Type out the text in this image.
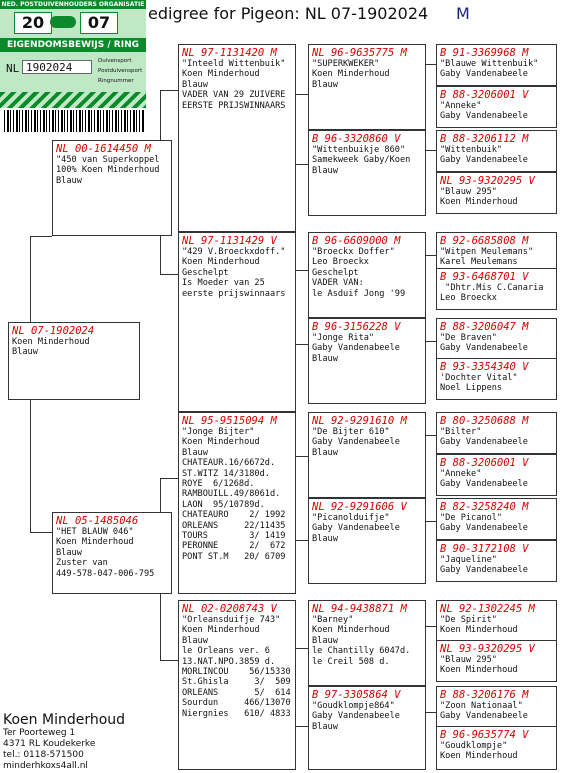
NED. POSTDUIVENHOUDERS ORGANISATIE
20	07
EIGENDOMSBEWIJS / RING
NL 1902024	Duivensport
Postduivensport
Ringnummer
edigree for Pigeon: NL 07-1902024 M
NL 07-1902024
Koen Minderhoud
Blauw
NL 00-1614450 M
"450 van Superkoppel
100% Koen Minderhoud
Blauw
NL 05-1485046
"HET BLAUW 046"
Koen Minderhoud
Blauw
Zuster van
449-578-047-006-795
NL 97-1131420 M
"Inteeld Wittenbuik"
Koen Minderhoud
Blauw
VADER VAN 29 ZUIVERE
EERSTE PRIJSWINNAARS
NL 97-1131429 V
"429 V.Broeckxdoff."
Koen Minderhoud
Geschelpt
Is Moeder van 25
eerste prijswinnaars
NL 95-9515094 M
"Jonge Bijter"
Koen Minderhoud
Blauw
CHATEAUR.16/6672d.
ST.WITZ 14/3180d.
ROYE  6/1268d.
RAMBOUILL.49/8061d.
LAON  95/10789d.
CHATEAURO    2/ 1992
ORLEANS     22/11435
TOURS        3/ 1419
PERONNE      2/  672
PONT ST.M   20/ 6709
NL 02-0208743 V
"Orleansduifje 743"
Koen Minderhoud
Blauw
le Orleans ver. 6
13.NAT.NPO.3859 d.
MORLINCOU    56/15330
St.Ghisla     3/  509
ORLEANS       5/  614
Sourdun     466/13070
Niergnies   610/ 4833
NL 96-9635775 M
"SUPERKWEKER"
Koen Minderhoud
Blauw
B 96-3320860 V
"Wittenbuikje 860"
Samekweek Gaby/Koen
Blauw
B 96-6609000 M
"Broeckx Doffer"
Leo Broeckx
Geschelpt
VADER VAN:
le Asduif Jong '99
B 96-3156228 V
"Jonge Rita"
Gaby Vandenabeele
Blauw
NL 92-9291610 M
"De Bijter 610"
Gaby Vandenabeele
Blauw
NL 92-9291606 V
"Picanolduifje"
Gaby Vandenabeele
Blauw
NL 94-9438871 M
"Barney"
Koen Minderhoud
Blauw
le Chantilly 6047d.
le Creil 508 d.
B 97-3305864 V
"Goudklompje864"
Gaby Vandenabeele
Blauw
B 91-3369968 M
"Blauwe Wittenbuik"
Gaby Vandenabeele
B 88-3206001 V
"Anneke"
Gaby Vandenabeele
B 88-3206112 M
"Wittenbuik"
Gaby Vandenabeele
NL 93-9320295 V
"Blauw 295"
Koen Minderhoud
B 92-6685808 M
"Witpen Meulemans"
Karel Meulemans
B 93-6468701 V
"Dhtr.Mis C.Canaria
Leo Broeckx
B 88-3206047 M
"De Braven"
Gaby Vandenabeele
B 93-3354340 V
'Dochter Vital"
Noel Lippens
B 80-3250688 M
"Bilter"
Gaby Vandenabeele
B 88-3206001 V
"Anneke"
Gaby Vandenabeele
B 82-3258240 M
"De Picanol"
Gaby Vandenabeele
B 90-3172108 V
"Jaqueline"
Gaby Vandenabeele
NL 92-1302245 M
"De Spirit"
Koen Minderhoud
NL 93-9320295 V
"Blauw 295"
Koen Minderhoud
B 88-3206176 M
"Zoon Nationaal"
Gaby Vandenabeele
B 96-9635774 V
"Goudklompje"
Koen Minderhoud
Koen Minderhoud
Ter Poorteweg 1
4371 RL Koudekerke
tel.: 0118-571500
minderhkoxs4all.nl
